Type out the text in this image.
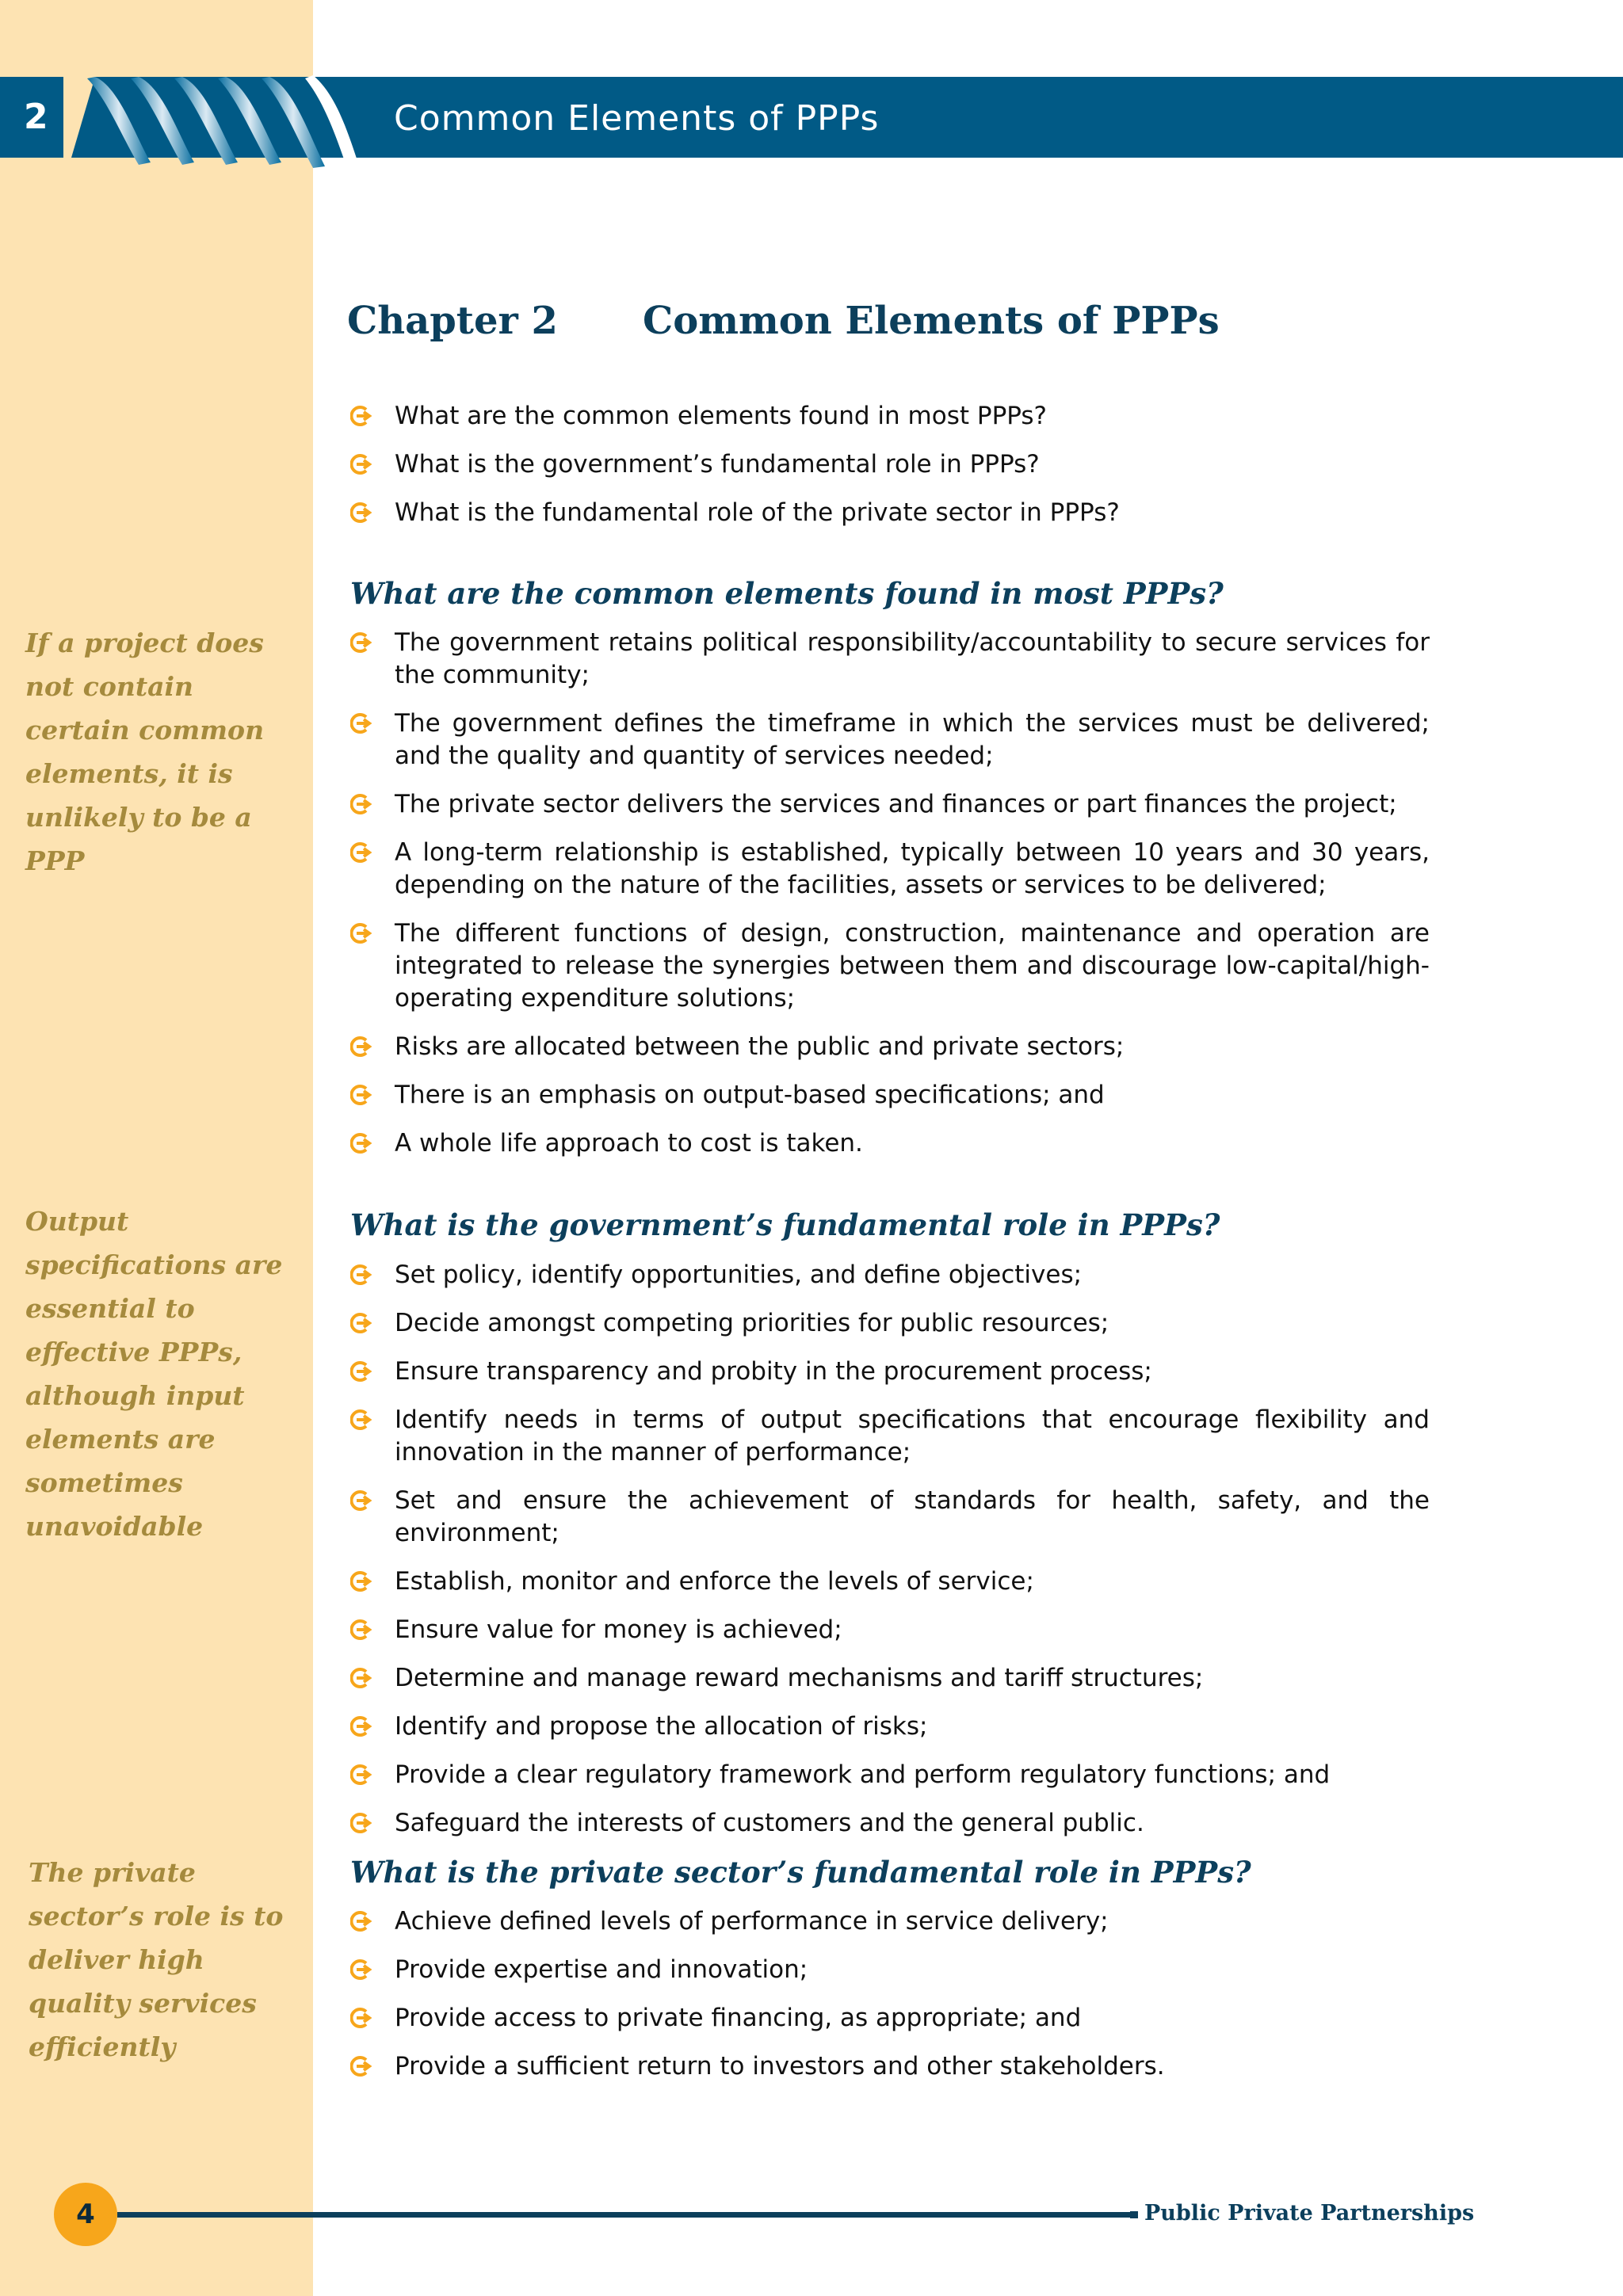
2	Common Elements of PPPs
Chapter 2 Common Elements of PPPs
What are the common elements found in most PPPs?
What is the government’s fundamental role in PPPs?
What is the fundamental role of the private sector in PPPs?
What are the common elements found in most PPPs?
The government retains political responsibility/accountability to secure services for the community;
The government defines the timeframe in which the services must be delivered; and the quality and quantity of services needed;
The private sector delivers the services and finances or part finances the project;
A long-term relationship is established, typically between 10 years and 30 years, depending on the nature of the facilities, assets or services to be delivered;
The different functions of design, construction, maintenance and operation are integrated to release the synergies between them and discourage low-capital/high-operating expenditure solutions;
Risks are allocated between the public and private sectors;
There is an emphasis on output-based specifications; and
A whole life approach to cost is taken.
What is the government’s fundamental role in PPPs?
Set policy, identify opportunities, and define objectives;
Decide amongst competing priorities for public resources;
Ensure transparency and probity in the procurement process;
Identify needs in terms of output specifications that encourage flexibility and innovation in the manner of performance;
Set and ensure the achievement of standards for health, safety, and the environment;
Establish, monitor and enforce the levels of service;
Ensure value for money is achieved;
Determine and manage reward mechanisms and tariff structures;
Identify and propose the allocation of risks;
Provide a clear regulatory framework and perform regulatory functions; and
Safeguard the interests of customers and the general public.
What is the private sector’s fundamental role in PPPs?
Achieve defined levels of performance in service delivery;
Provide expertise and innovation;
Provide access to private financing, as appropriate; and
Provide a sufficient return to investors and other stakeholders.

If a project does not contain certain common elements, it is unlikely to be a PPP

Output specifications are essential to effective PPPs, although input elements are sometimes unavoidable

The private sector’s role is to deliver high quality services efficiently

4	Public Private Partnerships
